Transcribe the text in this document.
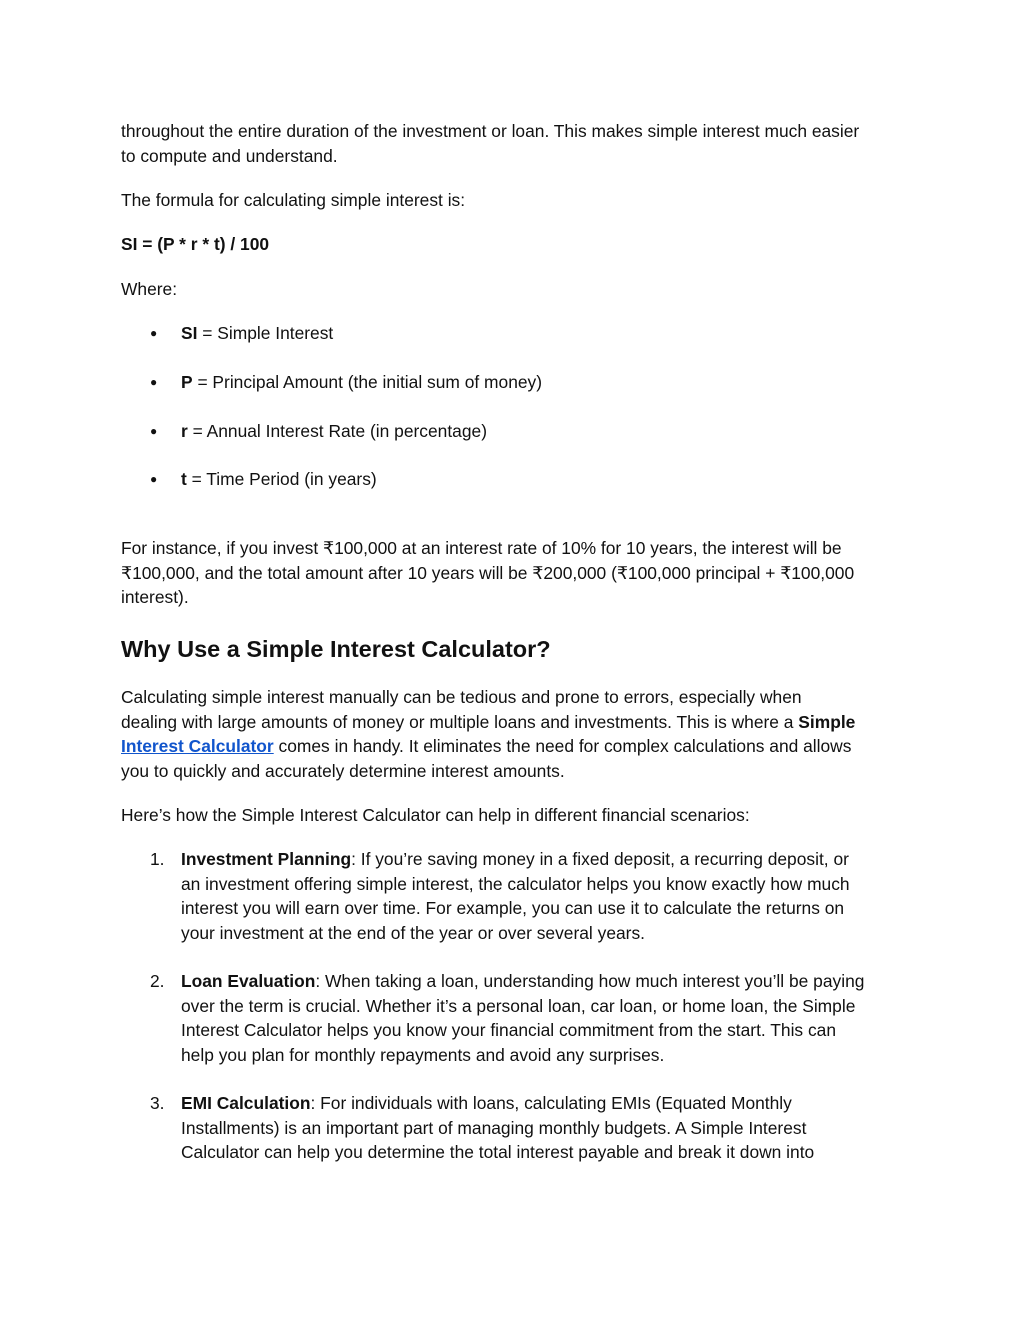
throughout the entire duration of the investment or loan. This makes simple interest much easier
to compute and understand.

The formula for calculating simple interest is:

SI = (P * r * t) / 100

Where:

● SI = Simple Interest
● P = Principal Amount (the initial sum of money)
● r = Annual Interest Rate (in percentage)
● t = Time Period (in years)
For instance, if you invest ₹100,000 at an interest rate of 10% for 10 years, the interest will be
₹100,000, and the total amount after 10 years will be ₹200,000 (₹100,000 principal + ₹100,000
interest).
Why Use a Simple Interest Calculator?
Calculating simple interest manually can be tedious and prone to errors, especially when
dealing with large amounts of money or multiple loans and investments. This is where a Simple
Interest Calculator comes in handy. It eliminates the need for complex calculations and allows
you to quickly and accurately determine interest amounts.

Here’s how the Simple Interest Calculator can help in different financial scenarios:

1. Investment Planning: If you’re saving money in a fixed deposit, a recurring deposit, or
an investment offering simple interest, the calculator helps you know exactly how much
interest you will earn over time. For example, you can use it to calculate the returns on
your investment at the end of the year or over several years.
2. Loan Evaluation: When taking a loan, understanding how much interest you’ll be paying
over the term is crucial. Whether it’s a personal loan, car loan, or home loan, the Simple
Interest Calculator helps you know your financial commitment from the start. This can
help you plan for monthly repayments and avoid any surprises.
3. EMI Calculation: For individuals with loans, calculating EMIs (Equated Monthly
Installments) is an important part of managing monthly budgets. A Simple Interest
Calculator can help you determine the total interest payable and break it down into
